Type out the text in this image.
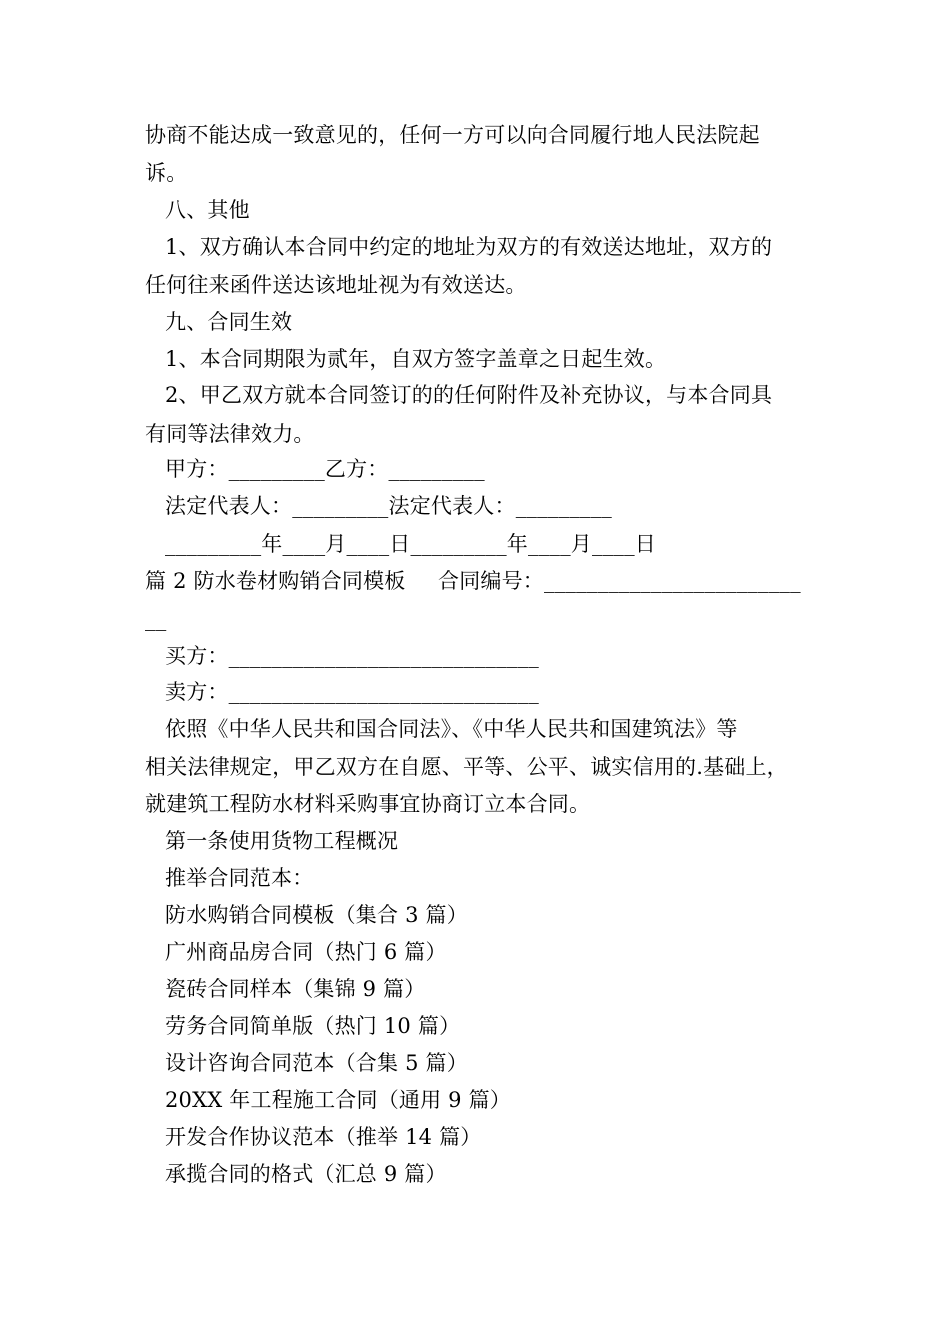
协商不能达成一致意见的，任何一方可以向合同履行地人民法院起
诉。
八、其他
1、双方确认本合同中约定的地址为双方的有效送达地址，双方的
任何往来函件送达该地址视为有效送达。
九、合同生效
1、本合同期限为贰年，自双方签字盖章之日起生效。
2、甲乙双方就本合同签订的的任何附件及补充协议，与本合同具
有同等法律效力。
甲方：_________乙方：_________
法定代表人：_________法定代表人：_________
_________年____月____日_________年____月____日
篇 2 防水卷材购销合同模板 合同编号：________________________
__
买方：_____________________________
卖方：_____________________________
依照《中华人民共和国合同法》、《中华人民共和国建筑法》等
相关法律规定，甲乙双方在自愿、平等、公平、诚实信用的.基础上，
就建筑工程防水材料采购事宜协商订立本合同。
第一条使用货物工程概况
推举合同范本：
防水购销合同模板（集合 3 篇）
广州商品房合同（热门 6 篇）
瓷砖合同样本（集锦 9 篇）
劳务合同简单版（热门 10 篇）
设计咨询合同范本（合集 5 篇）
20XX 年工程施工合同（通用 9 篇）
开发合作协议范本（推举 14 篇）
承揽合同的格式（汇总 9 篇）
